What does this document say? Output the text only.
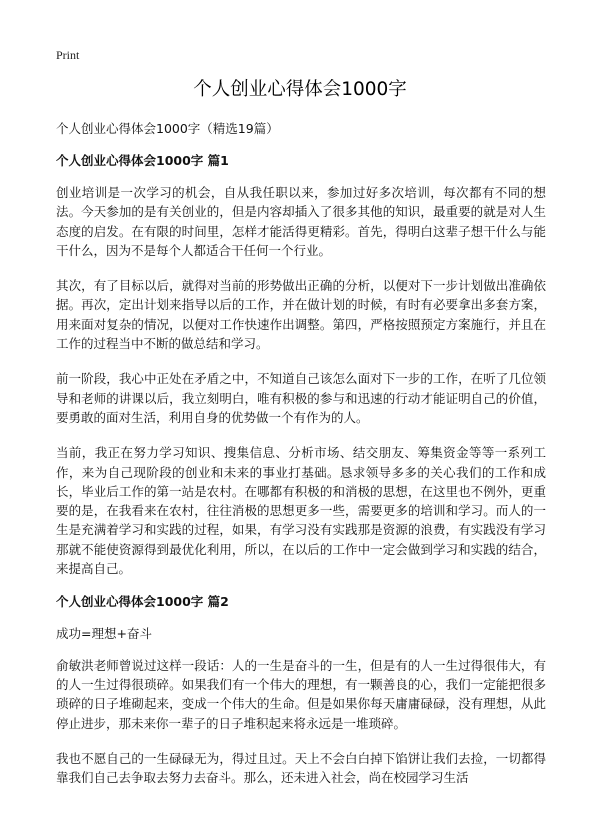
Print
个人创业心得体会1000字

个人创业心得体会1000字（精选19篇）

个人创业心得体会1000字 篇1

创业培训是一次学习的机会，自从我任职以来，参加过好多次培训，每次都有不同的想法。今天参加的是有关创业的，但是内容却插入了很多其他的知识，最重要的就是对人生态度的启发。在有限的时间里，怎样才能活得更精彩。首先，得明白这辈子想干什么与能干什么，因为不是每个人都适合干任何一个行业。

其次，有了目标以后，就得对当前的形势做出正确的分析，以便对下一步计划做出准确依据。再次，定出计划来指导以后的工作，并在做计划的时候，有时有必要拿出多套方案，用来面对复杂的情况，以便对工作快速作出调整。第四，严格按照预定方案施行，并且在工作的过程当中不断的做总结和学习。

前一阶段，我心中正处在矛盾之中，不知道自己该怎么面对下一步的工作，在听了几位领导和老师的讲课以后，我立刻明白，唯有积极的参与和迅速的行动才能证明自己的价值，要勇敢的面对生活，利用自身的优势做一个有作为的人。

当前，我正在努力学习知识、搜集信息、分析市场、结交朋友、筹集资金等等一系列工作，来为自己现阶段的创业和未来的事业打基础。恳求领导多多的关心我们的工作和成长，毕业后工作的第一站是农村。在哪都有积极的和消极的思想，在这里也不例外，更重要的是，在我看来在农村，往往消极的思想更多一些，需要更多的培训和学习。而人的一生是充满着学习和实践的过程，如果，有学习没有实践那是资源的浪费，有实践没有学习那就不能使资源得到最优化利用，所以，在以后的工作中一定会做到学习和实践的结合，来提高自己。

个人创业心得体会1000字 篇2

成功=理想+奋斗

俞敏洪老师曾说过这样一段话：人的一生是奋斗的一生，但是有的人一生过得很伟大，有的人一生过得很琐碎。如果我们有一个伟大的理想，有一颗善良的心，我们一定能把很多琐碎的日子堆砌起来，变成一个伟大的生命。但是如果你每天庸庸碌碌，没有理想，从此停止进步，那未来你一辈子的日子堆积起来将永远是一堆琐碎。

我也不愿自己的一生碌碌无为，得过且过。天上不会白白掉下馅饼让我们去捡，一切都得靠我们自己去争取去努力去奋斗。那么，还未进入社会，尚在校园学习生活
